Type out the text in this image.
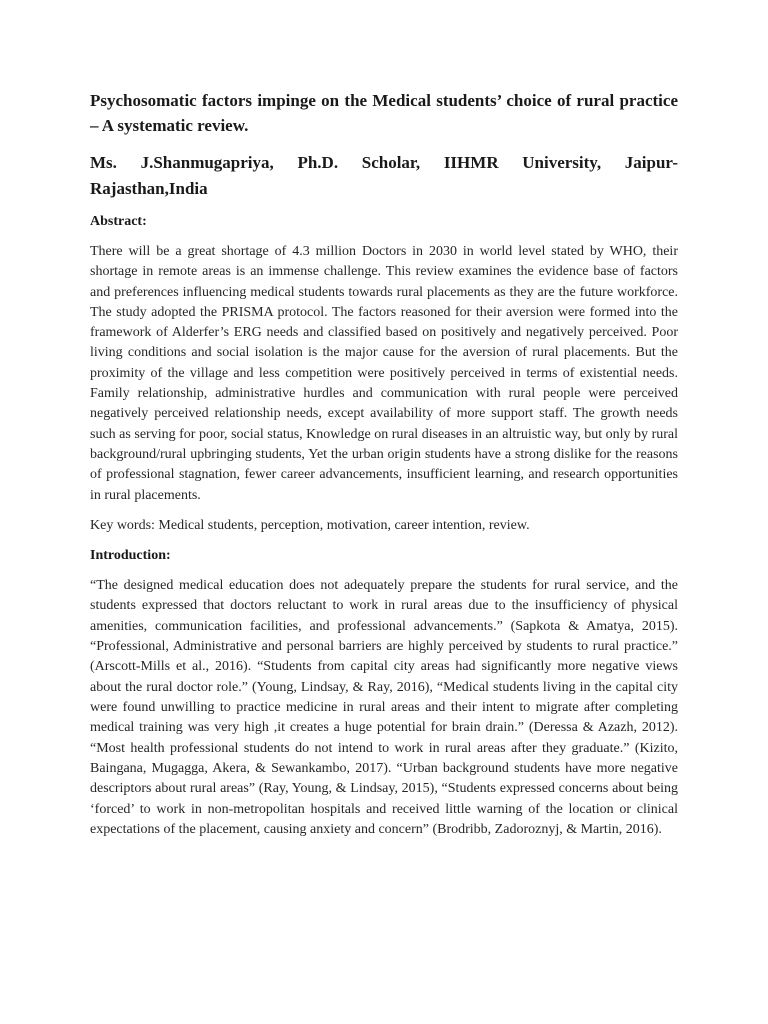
Psychosomatic factors impinge on the Medical students’ choice of rural practice – A systematic review.
Ms. J.Shanmugapriya, Ph.D. Scholar, IIHMR University, Jaipur-Rajasthan,India
Abstract:
There will be a great shortage of 4.3 million Doctors in 2030 in world level stated by WHO, their shortage in remote areas is an immense challenge. This review examines the evidence base of factors and preferences influencing medical students towards rural placements as they are the future workforce. The study adopted the PRISMA protocol. The factors reasoned for their aversion were formed into the framework of Alderfer’s ERG needs and classified based on positively and negatively perceived. Poor living conditions and social isolation is the major cause for the aversion of rural placements. But the proximity of the village and less competition were positively perceived in terms of existential needs. Family relationship, administrative hurdles and communication with rural people were perceived negatively perceived relationship needs, except availability of more support staff. The growth needs such as serving for poor, social status, Knowledge on rural diseases in an altruistic way, but only by rural background/rural upbringing students, Yet the urban origin students have a strong dislike for the reasons of professional stagnation, fewer career advancements, insufficient learning, and research opportunities in rural placements.
Key words: Medical students, perception, motivation, career intention, review.
Introduction:
“The designed medical education does not adequately prepare the students for rural service, and the students expressed that doctors reluctant to work in rural areas due to the insufficiency of physical amenities, communication facilities, and professional advancements.” (Sapkota & Amatya, 2015). “Professional, Administrative and personal barriers are highly perceived by students to rural practice.” (Arscott-Mills et al., 2016). “Students from capital city areas had significantly more negative views about the rural doctor role.” (Young, Lindsay, & Ray, 2016), “Medical students living in the capital city were found unwilling to practice medicine in rural areas and their intent to migrate after completing medical training was very high ,it creates a huge potential for brain drain.” (Deressa & Azazh, 2012). “Most health professional students do not intend to work in rural areas after they graduate.” (Kizito, Baingana, Mugagga, Akera, & Sewankambo, 2017). “Urban background students have more negative descriptors about rural areas” (Ray, Young, & Lindsay, 2015), “Students expressed concerns about being ‘forced’ to work in non-metropolitan hospitals and received little warning of the location or clinical expectations of the placement, causing anxiety and concern” (Brodribb, Zadoroznyj, & Martin, 2016).
